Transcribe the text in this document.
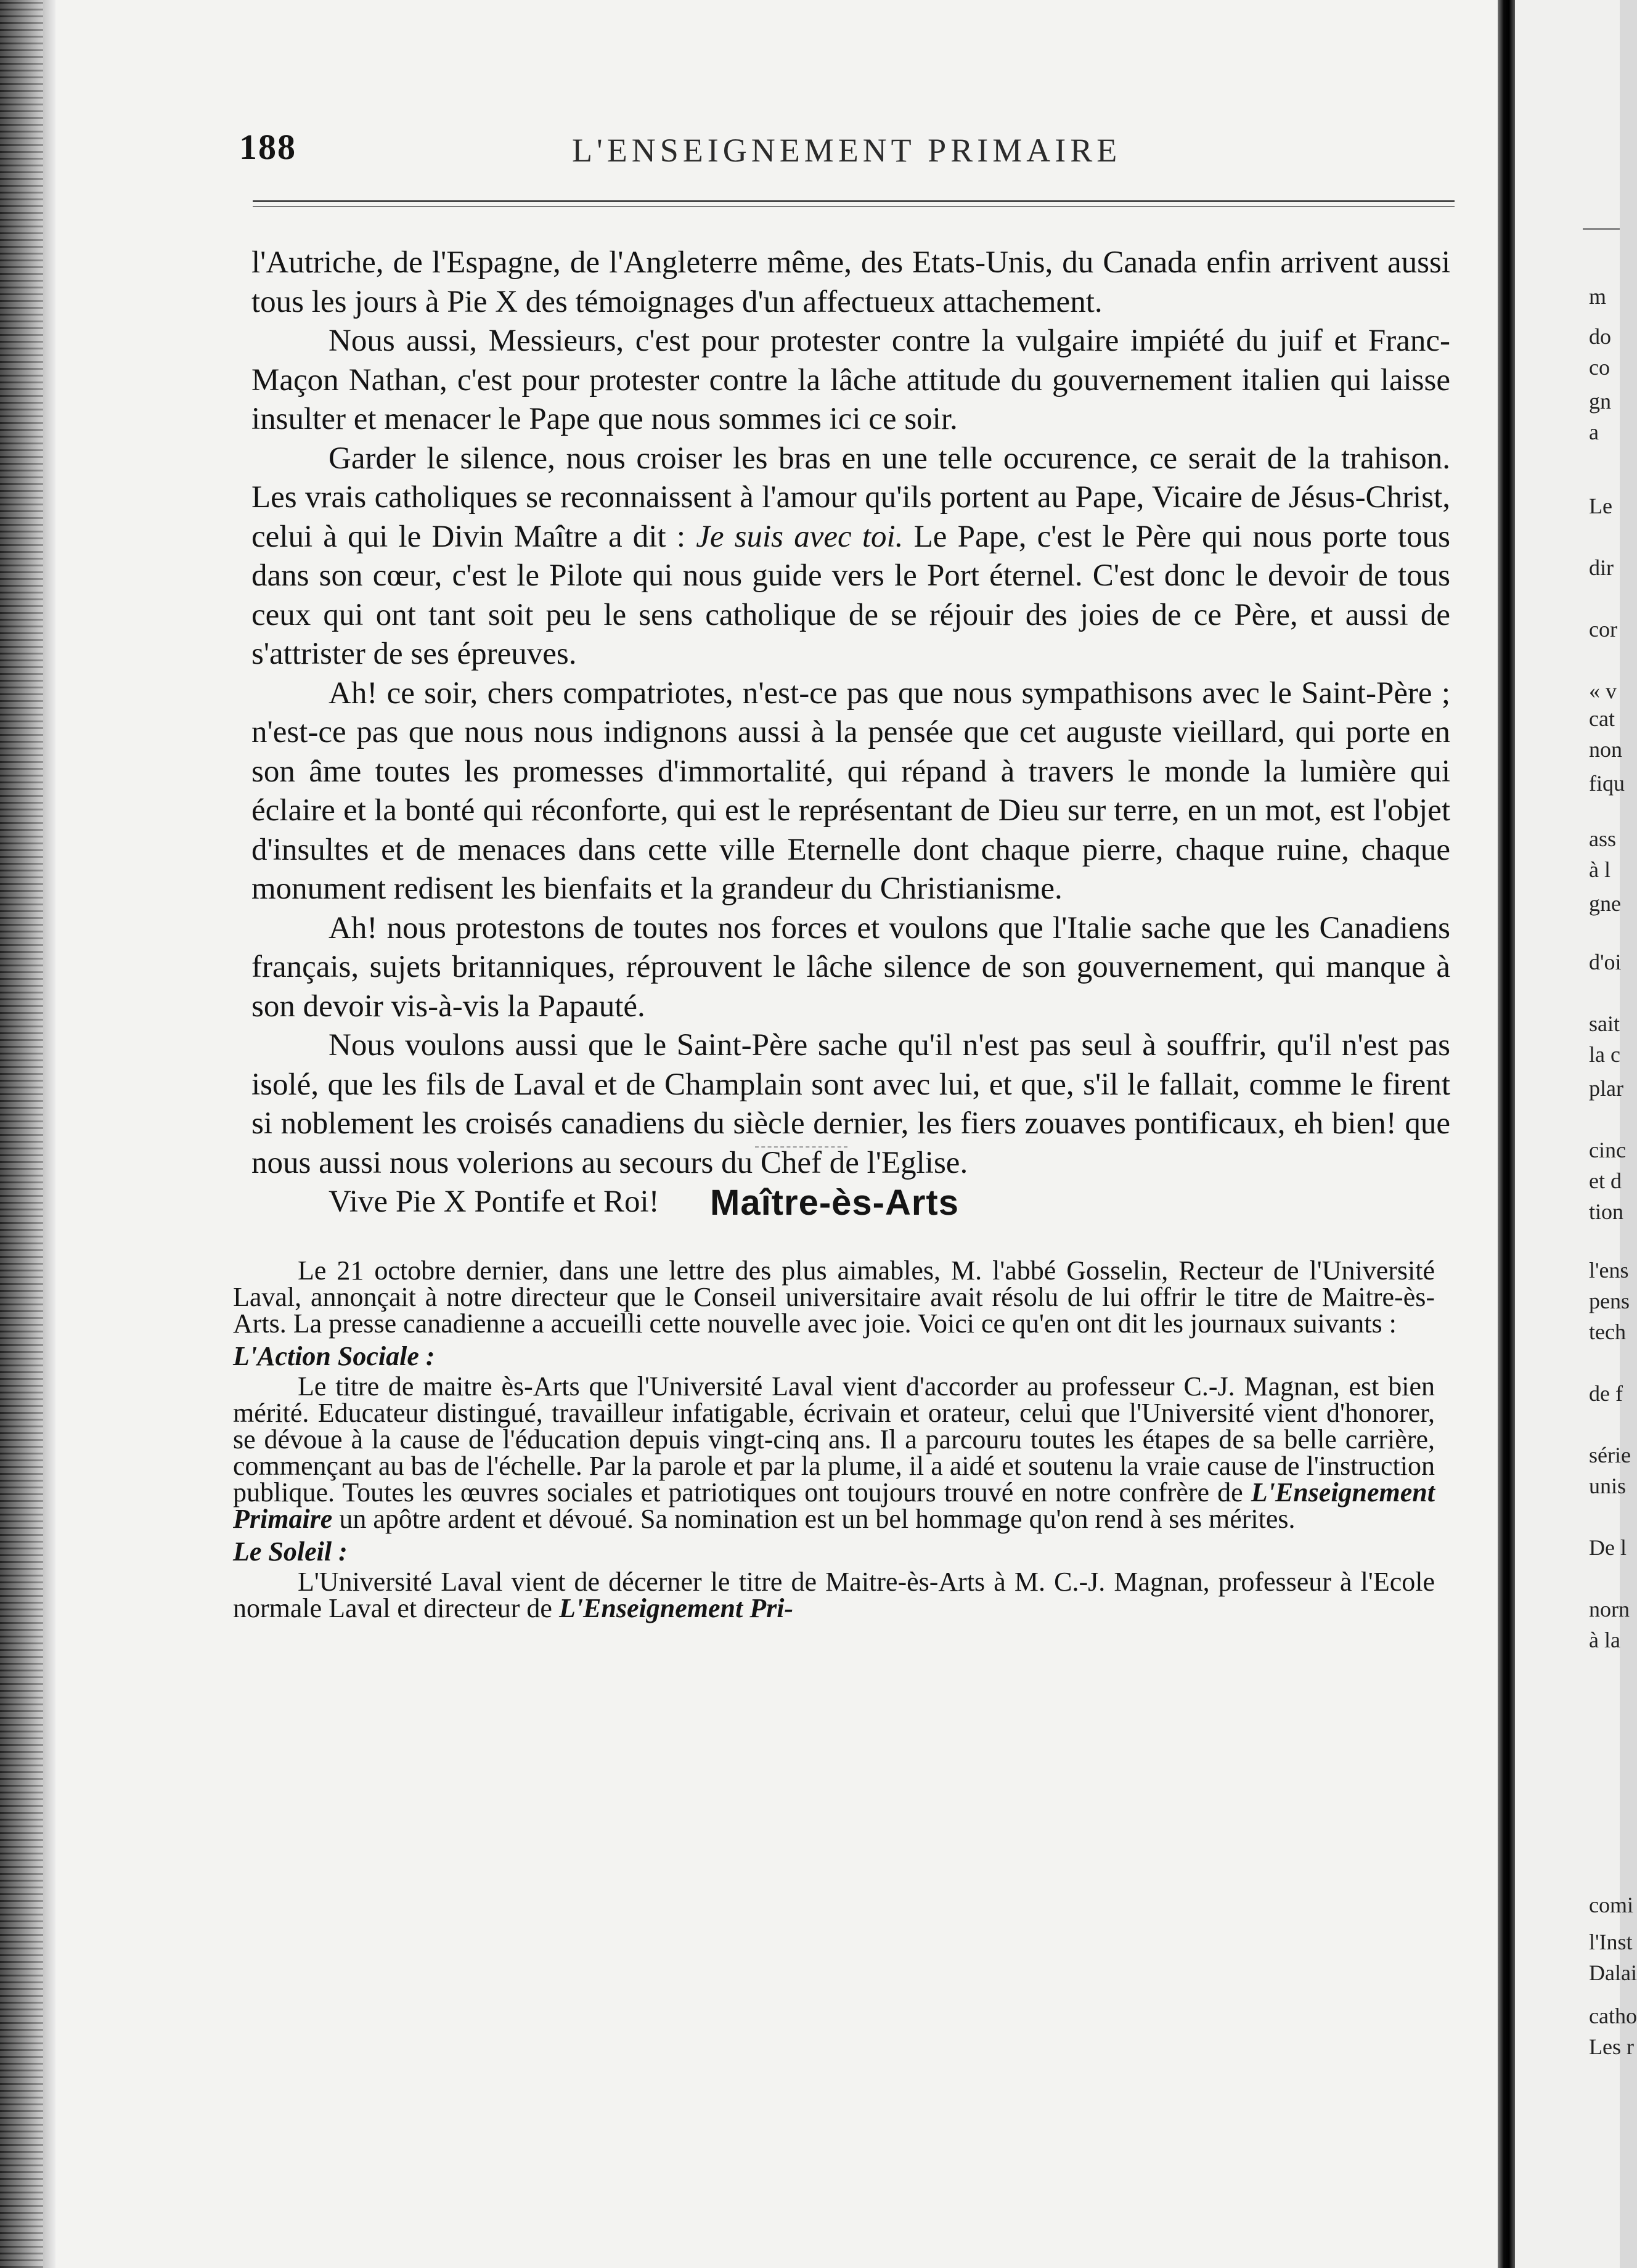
188	L'ENSEIGNEMENT PRIMAIRE

l'Autriche, de l'Espagne, de l'Angleterre même, des Etats-Unis, du Canada enfin arrivent aussi tous les jours à Pie X des témoignages d'un affectueux attachement.

Nous aussi, Messieurs, c'est pour protester contre la vulgaire impiété du juif et Franc-Maçon Nathan, c'est pour protester contre la lâche attitude du gouvernement italien qui laisse insulter et menacer le Pape que nous sommes ici ce soir.

Garder le silence, nous croiser les bras en une telle occurence, ce serait de la trahison. Les vrais catholiques se reconnaissent à l'amour qu'ils portent au Pape, Vicaire de Jésus-Christ, celui à qui le Divin Maître a dit : Je suis avec toi. Le Pape, c'est le Père qui nous porte tous dans son cœur, c'est le Pilote qui nous guide vers le Port éternel. C'est donc le devoir de tous ceux qui ont tant soit peu le sens catholique de se réjouir des joies de ce Père, et aussi de s'attrister de ses épreuves.

Ah! ce soir, chers compatriotes, n'est-ce pas que nous sympathisons avec le Saint-Père ; n'est-ce pas que nous nous indignons aussi à la pensée que cet auguste vieillard, qui porte en son âme toutes les promesses d'immortalité, qui répand à travers le monde la lumière qui éclaire et la bonté qui réconforte, qui est le représentant de Dieu sur terre, en un mot, est l'objet d'insultes et de menaces dans cette ville Eternelle dont chaque pierre, chaque ruine, chaque monument redisent les bienfaits et la grandeur du Christianisme.

Ah! nous protestons de toutes nos forces et voulons que l'Italie sache que les Canadiens français, sujets britanniques, réprouvent le lâche silence de son gouvernement, qui manque à son devoir vis-à-vis la Papauté.

Nous voulons aussi que le Saint-Père sache qu'il n'est pas seul à souffrir, qu'il n'est pas isolé, que les fils de Laval et de Champlain sont avec lui, et que, s'il le fallait, comme le firent si noblement les croisés canadiens du siècle dernier, les fiers zouaves pontificaux, eh bien! que nous aussi nous volerions au secours du Chef de l'Eglise.

Vive Pie X Pontife et Roi!	Maître-ès-Arts

Le 21 octobre dernier, dans une lettre des plus aimables, M. l'abbé Gosselin, Recteur de l'Université Laval, annonçait à notre directeur que le Conseil universitaire avait résolu de lui offrir le titre de Maitre-ès-Arts. La presse canadienne a accueilli cette nouvelle avec joie. Voici ce qu'en ont dit les journaux suivants :

L'Action Sociale :

Le titre de maitre ès-Arts que l'Université Laval vient d'accorder au professeur C.-J. Magnan, est bien mérité. Educateur distingué, travailleur infatigable, écrivain et orateur, celui que l'Université vient d'honorer, se dévoue à la cause de l'éducation depuis vingt-cinq ans. Il a parcouru toutes les étapes de sa belle carrière, commençant au bas de l'échelle. Par la parole et par la plume, il a aidé et soutenu la vraie cause de l'instruction publique. Toutes les œuvres sociales et patriotiques ont toujours trouvé en notre confrère de L'Enseignement Primaire un apôtre ardent et dévoué. Sa nomination est un bel hommage qu'on rend à ses mérites.

Le Soleil :

L'Université Laval vient de décerner le titre de Maitre-ès-Arts à M. C.-J. Magnan, professeur à l'Ecole normale Laval et directeur de L'Enseignement Pri-

m
do
co
gn
a
Le
dir
cor
« v
cat
non
fiqu
ass
à l
gne
d'oi
sait
la c
plar
cinc
et d
tion
l'ens
pens
tech
de f
série
unis
De l
norn
à la
comi
l'Inst
Dalai
catho
Les r
